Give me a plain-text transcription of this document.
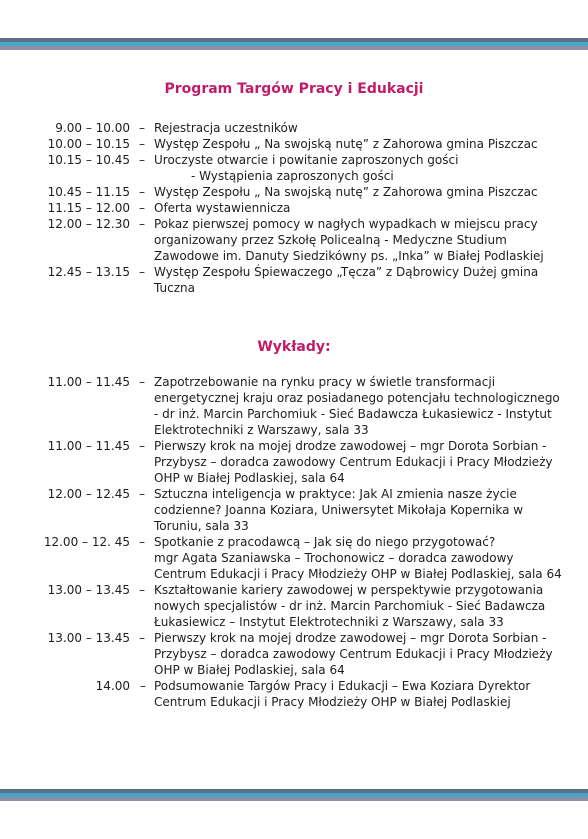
Program Targów Pracy i Edukacji
9.00 – 10.00 – Rejestracja uczestników
10.00 – 10.15 – Występ Zespołu „ Na swojską nutę” z Zahorowa gmina Piszczac
10.15 – 10.45 – Uroczyste otwarcie i powitanie zaproszonych gości
- Wystąpienia zaproszonych gości
10.45 – 11.15 – Występ Zespołu „ Na swojską nutę” z Zahorowa gmina Piszczac
11.15 – 12.00 – Oferta wystawiennicza
12.00 – 12.30 – Pokaz pierwszej pomocy w nagłych wypadkach w miejscu pracy
organizowany przez Szkołę Policealną - Medyczne Studium
Zawodowe im. Danuty Siedzikówny ps. „Inka” w Białej Podlaskiej
12.45 – 13.15 – Występ Zespołu Śpiewaczego „Tęcza” z Dąbrowicy Dużej gmina
Tuczna
Wykłady:
11.00 – 11.45 – Zapotrzebowanie na rynku pracy w świetle transformacji
energetycznej kraju oraz posiadanego potencjału technologicznego
- dr inż. Marcin Parchomiuk - Sieć Badawcza Łukasiewicz - Instytut
Elektrotechniki z Warszawy, sala 33
11.00 – 11.45 – Pierwszy krok na mojej drodze zawodowej – mgr Dorota Sorbian -
Przybysz – doradca zawodowy Centrum Edukacji i Pracy Młodzieży
OHP w Białej Podlaskiej, sala 64
12.00 – 12.45 – Sztuczna inteligencja w praktyce: Jak AI zmienia nasze życie
codzienne? Joanna Koziara, Uniwersytet Mikołaja Kopernika w
Toruniu, sala 33
12.00 – 12. 45 – Spotkanie z pracodawcą – Jak się do niego przygotować?
mgr Agata Szaniawska – Trochonowicz – doradca zawodowy
Centrum Edukacji i Pracy Młodzieży OHP w Białej Podlaskiej, sala 64
13.00 – 13.45 – Kształtowanie kariery zawodowej w perspektywie przygotowania
nowych specjalistów - dr inż. Marcin Parchomiuk - Sieć Badawcza
Łukasiewicz – Instytut Elektrotechniki z Warszawy, sala 33
13.00 – 13.45 – Pierwszy krok na mojej drodze zawodowej – mgr Dorota Sorbian -
Przybysz – doradca zawodowy Centrum Edukacji i Pracy Młodzieży
OHP w Białej Podlaskiej, sala 64
14.00 – Podsumowanie Targów Pracy i Edukacji – Ewa Koziara Dyrektor
Centrum Edukacji i Pracy Młodzieży OHP w Białej Podlaskiej
